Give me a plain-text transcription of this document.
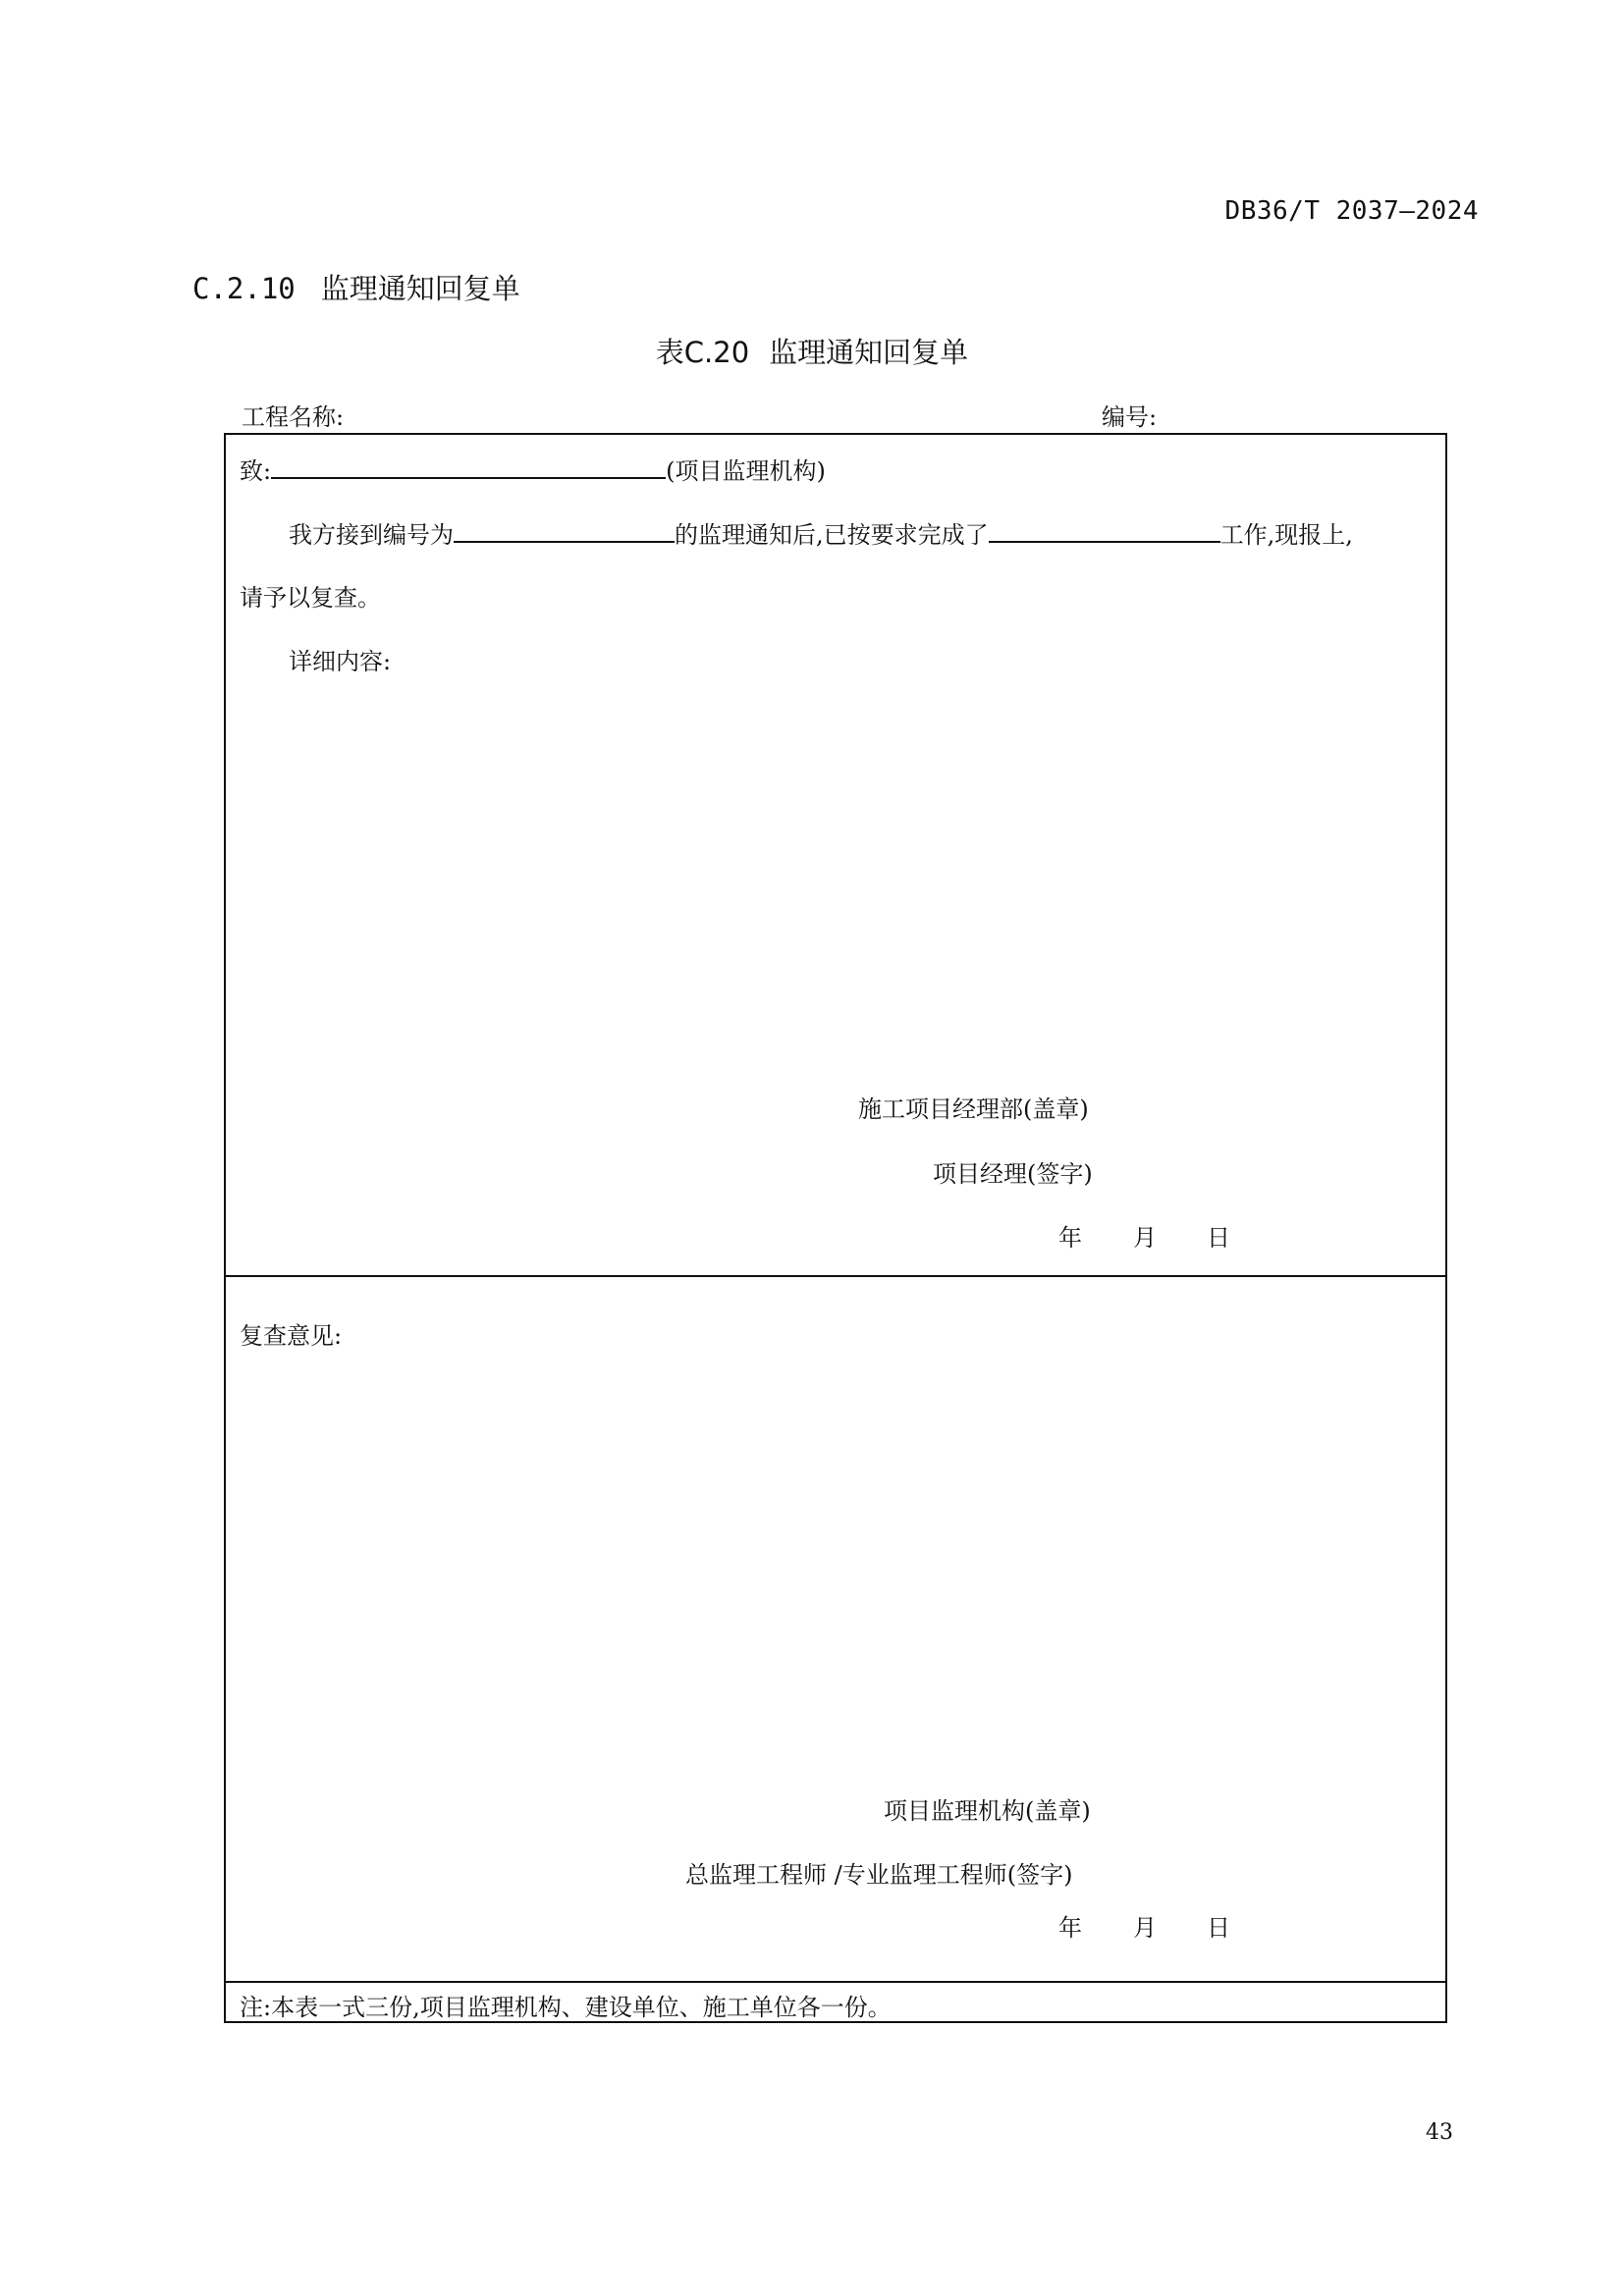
DB36/T 2037—2024
C.2.10 监理通知回复单
表C.20 监理通知回复单
工程名称:	编号:
致:	(项目监理机构)
我方接到编号为	的监理通知后,已按要求完成了	工作,现报上,
请予以复查。
详细内容:
施工项目经理部(盖章)
项目经理(签字)
年 月 日
复查意见:
项目监理机构(盖章)
总监理工程师 /专业监理工程师(签字)
年 月 日
注:本表一式三份,项目监理机构、建设单位、施工单位各一份。
43
